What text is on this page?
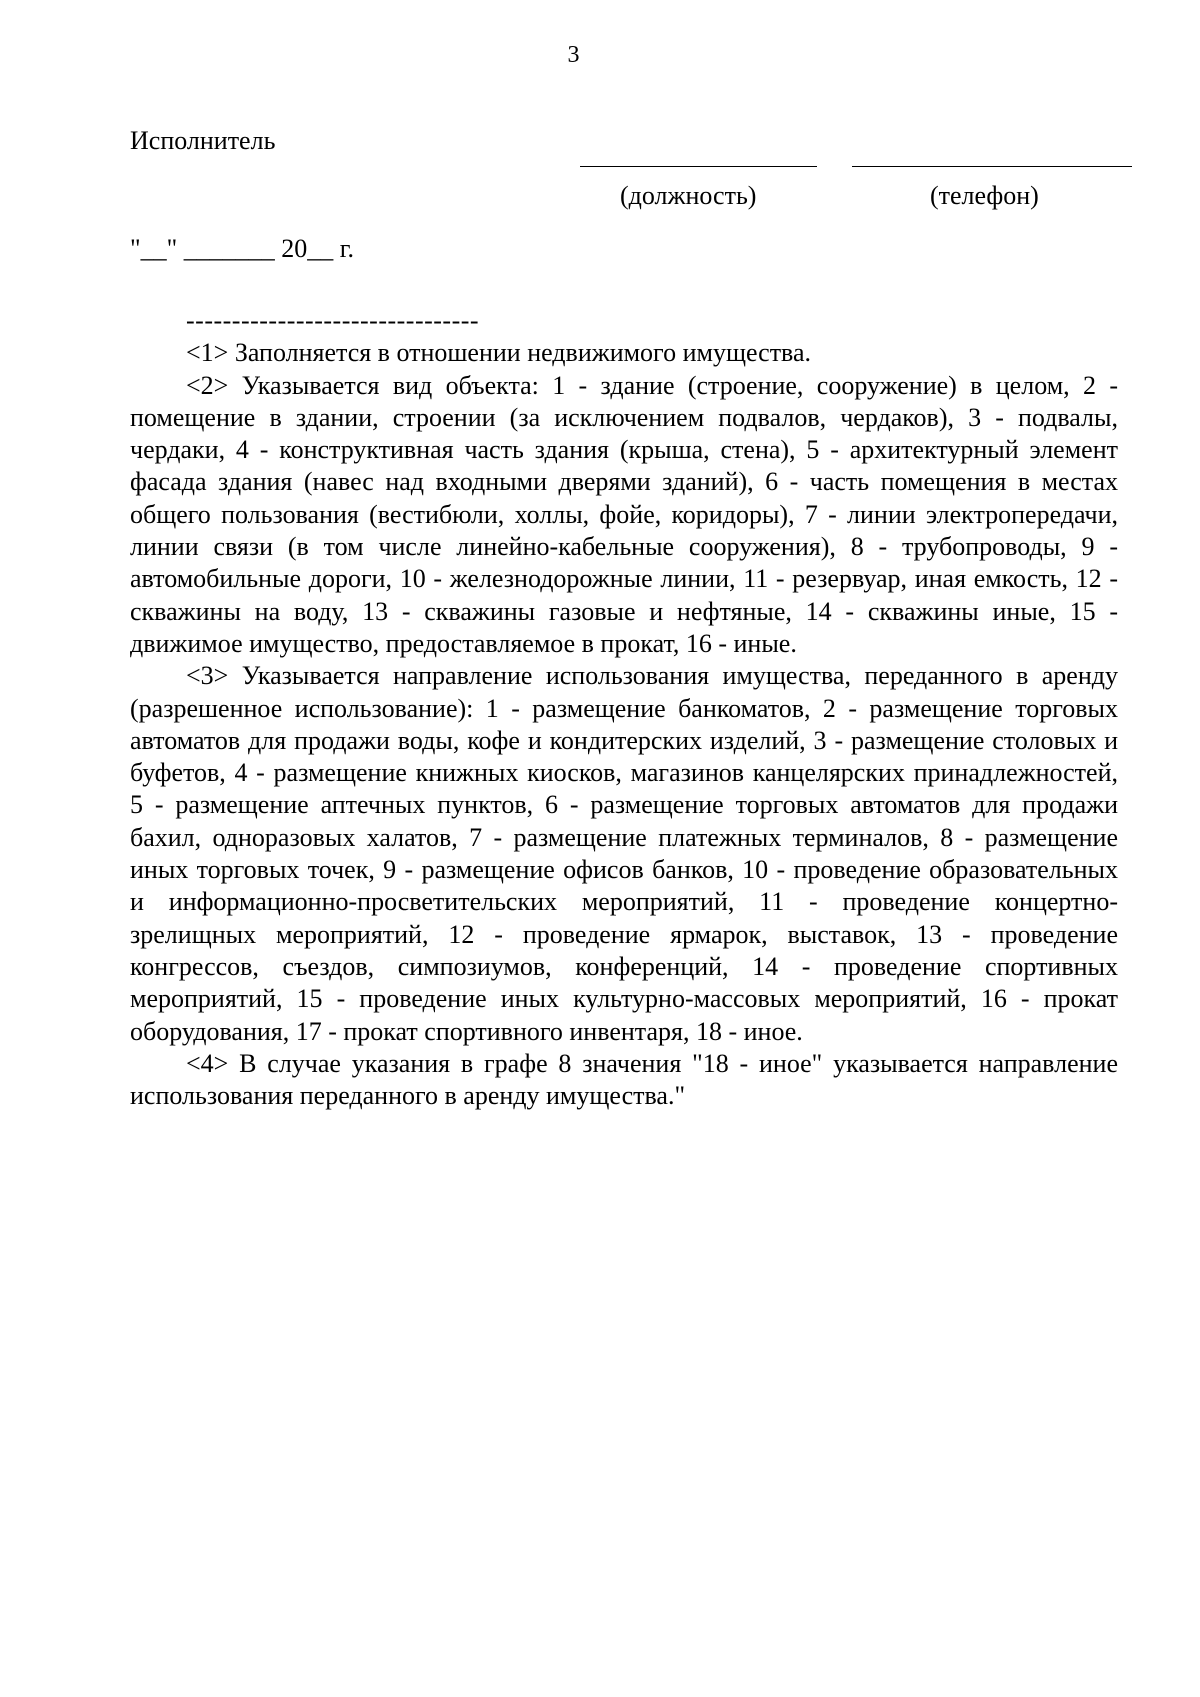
3
Исполнитель
(должность)	(телефон)
"__" _______ 20__ г.
--------------------------------

<1> Заполняется в отношении недвижимого имущества.

<2> Указывается вид объекта: 1 - здание (строение, сооружение) в целом, 2 - помещение в здании, строении (за исключением подвалов, чердаков), 3 - подвалы, чердаки, 4 - конструктивная часть здания (крыша, стена), 5 - архитектурный элемент фасада здания (навес над входными дверями зданий), 6 - часть помещения в местах общего пользования (вестибюли, холлы, фойе, коридоры), 7 - линии электропередачи, линии связи (в том числе линейно-кабельные сооружения), 8 - трубопроводы, 9 - автомобильные дороги, 10 - железнодорожные линии, 11 - резервуар, иная емкость, 12 - скважины на воду, 13 - скважины газовые и нефтяные, 14 - скважины иные, 15 - движимое имущество, предоставляемое в прокат, 16 - иные.

<3> Указывается направление использования имущества, переданного в аренду (разрешенное использование): 1 - размещение банкоматов, 2 - размещение торговых автоматов для продажи воды, кофе и кондитерских изделий, 3 - размещение столовых и буфетов, 4 - размещение книжных киосков, магазинов канцелярских принадлежностей, 5 - размещение аптечных пунктов, 6 - размещение торговых автоматов для продажи бахил, одноразовых халатов, 7 - размещение платежных терминалов, 8 - размещение иных торговых точек, 9 - размещение офисов банков, 10 - проведение образовательных и информационно-просветительских мероприятий, 11 - проведение концертно-зрелищных мероприятий, 12 - проведение ярмарок, выставок, 13 - проведение конгрессов, съездов, симпозиумов, конференций, 14 - проведение спортивных мероприятий, 15 - проведение иных культурно-массовых мероприятий, 16 - прокат оборудования, 17 - прокат спортивного инвентаря, 18 - иное.

<4> В случае указания в графе 8 значения "18 - иное" указывается направление использования переданного в аренду имущества."
